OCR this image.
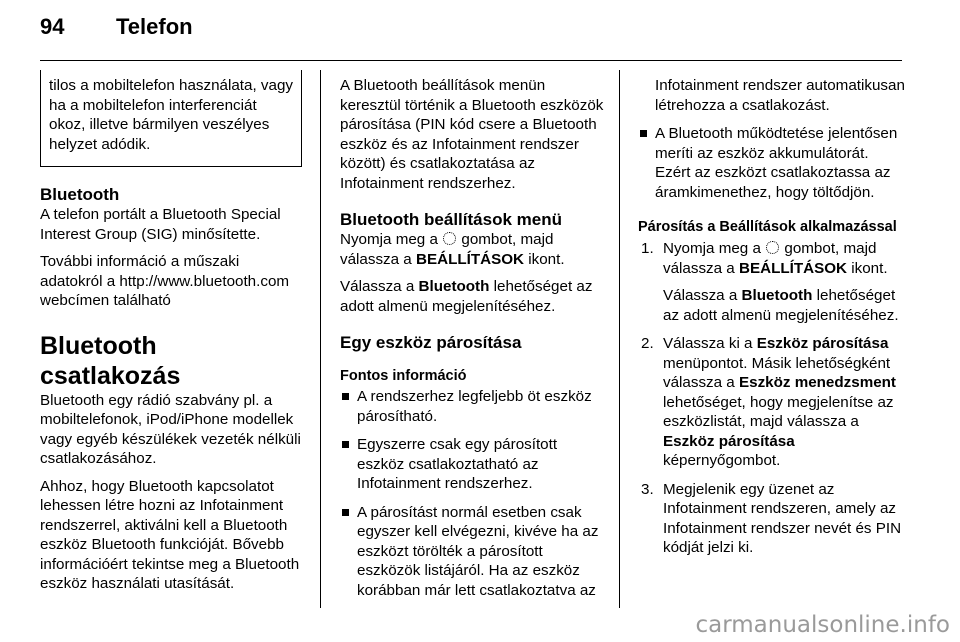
94 Telefon

tilos a mobiltelefon használata, vagy ha a mobiltelefon interferenciát okoz, illetve bármilyen veszélyes helyzet adódik.

Bluetooth

A telefon portált a Bluetooth Special Interest Group (SIG) minősítette.

További információ a műszaki adatokról a http://www.bluetooth.com webcímen található

Bluetooth csatlakozás

Bluetooth egy rádió szabvány pl. a mobiltelefonok, iPod/iPhone modellek vagy egyéb készülékek vezeték nélküli csatlakozásához.

Ahhoz, hogy Bluetooth kapcsolatot lehessen létre hozni az Infotainment rendszerrel, aktiválni kell a Bluetooth eszköz Bluetooth funkcióját. Bővebb információért tekintse meg a Bluetooth eszköz használati utasítását.

A Bluetooth beállítások menün keresztül történik a Bluetooth eszközök párosítása (PIN kód csere a Bluetooth eszköz és az Infotainment rendszer között) és csatlakoztatása az Infotainment rendszerhez.

Bluetooth beállítások menü

Nyomja meg a gombot, majd válassza a BEÁLLÍTÁSOK ikont.

Válassza a Bluetooth lehetőséget az adott almenü megjelenítéséhez.

Egy eszköz párosítása
Fontos információ
A rendszerhez legfeljebb öt eszköz párosítható.
Egyszerre csak egy párosított eszköz csatlakoztatható az Infotainment rendszerhez.
A párosítást normál esetben csak egyszer kell elvégezni, kivéve ha az eszközt törölték a párosított eszközök listájáról. Ha az eszköz korábban már lett csatlakoztatva az

Infotainment rendszer automatikusan létrehozza a csatlakozást.

A Bluetooth működtetése jelentősen meríti az eszköz akkumulátorát. Ezért az eszközt csatlakoztassa az áramkimenethez, hogy töltődjön.
Párosítás a Beállítások alkalmazással
1. Nyomja meg a gombot, majd válassza a BEÁLLÍTÁSOK ikont.

Válassza a Bluetooth lehetőséget az adott almenü megjelenítéséhez.

2. Válassza ki a Eszköz párosítása menüpontot. Másik lehetőségként válassza a Eszköz menedzsment lehetőséget, hogy megjelenítse az eszközlistát, majd válassza a Eszköz párosítása képernyőgombot.
3. Megjelenik egy üzenet az Infotainment rendszeren, amely az Infotainment rendszer nevét és PIN kódját jelzi ki.
carmanualsonline.info
